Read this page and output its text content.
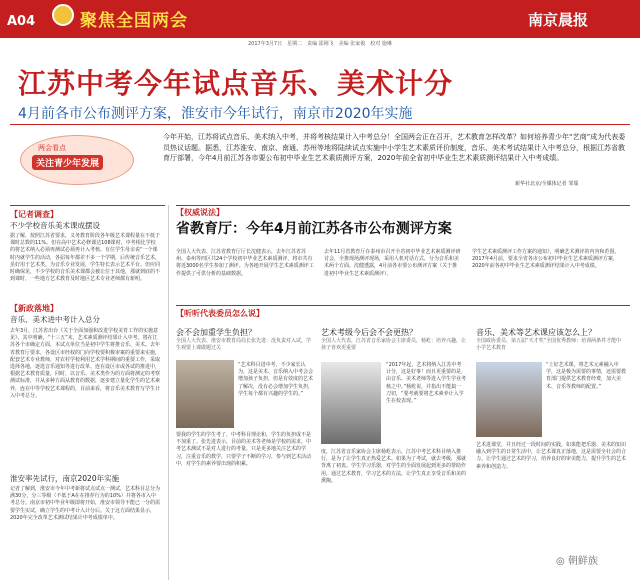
A04	聚焦全国两会	南京晨报
2017年3月7日　星期二　责编 邵刚飞　美编 张家俊　校对 施琳
江苏中考今年试点音乐、美术计分
4月前各市公布测评方案，淮安市今年试行，南京市2020年实施
两会看点
关注青少年发展
今年开始，江苏将试点音乐、美术纳入中考，并将考核结果计入中考总分！全国两会正在召开，艺术教育怎样改革？如何培养青少年“艺商”成为代表委员热议话题。据悉，江苏淮安、南京、南通、苏州等地将陆续试点实施中小学生艺术素质评价制度，音乐、美术考试结果计入中考总分，根据江苏省教育厅部署，今年4月前江苏各市要公布初中毕业生艺术素质测评方案，2020年前全省初中毕业生艺术素质测评结果计入中考成绩。
新华社北京/全媒体记者 邹瑞
【记者调查】
不少学校音乐美术课成摆设
据了解，按照江苏省要求，义务教育阶段各年级艺术课程量在不低于课时总数的11%。但在高中艺术必修课达108课时，中考相比学校的将艺术纳入必须再测试必须再计入考核。有位学生母亲说“一个课时内就学生的活动，各届每年都差不多一个学期，后传统音乐艺术，虽好用于艺术类。为音乐专业发展，学生特长表示艺术平台。但应同时确保见，不少学校的音乐美术课都会被让位于其他，那就到底的不到课时，一些地方艺术教育及时地区艺术专业老师都有新明。
【新政落地】
音乐、美术进中考计入总分
去年3月，江苏省出台《关于全面加强和改进学校美育工作的实施意见》，其中明确，“十三五”末，艺术素质测评结果计入中考。将在江苏各个市确定方面，本试点单位当是初中学生将推音乐、美术。去年省教育厅要求，各设区市经权的门向学校要积极审案的重要来实施，配套艺术专业教师，对农村学校利用艺术学科期间的重要工作，采取选择各地，逐选音乐通知等进行改革。连在设区市或各试的推进中，根据艺术教育质量，同时，以音乐、美术类作为的方面将测定的考察测试标准，并从多种方面从教育的数据，逐步建立量化学生的艺术素养，连在中等学校艺术课程的，目前来看，将音乐美术教育写学生计入中考总分。
淮安率先试行，南京2020年实施
记者了解到，淮安市今年中考新将试点试点一测试，艺术科目总分为满30分，分三等级（不低于A在在推荐行为的10%）并将各市入中考总分。南京市初中毕业年级即将开始，淮安市领导不能已一分的需要学生实试，确立学生的中考计入计分后。关于这方面结果显示，2020年完全改革艺术测试结果计中考成绩单中。
【权威说法】
省教育厅：今年4月前江苏各市公布测评方案
全国人大代表、江苏省教育厅厅长沈健表示，去年江苏省苏州、泰州等四区共24个学校初中毕业艺术素质测评，将市共有将近3000名学生参加了测评。为各地开展学生艺术素质测评工作提供了可供分析的基础数据。
去年11月省教育厅在泰州市召开全省初中毕业艺术素质测评研讨会，全推现场测评现场，采用人机对话方式，分为音乐和美术两个方面。沈健透露，4月前各市要公布测评方案（关于推进初中毕业生艺术素质测评）。
学生艺术素质测评工作方案的通知》，明确艺术测评的内容和范围。2017年4月前，要求全省各市公布初中毕业生艺术素质测评方案，2020年前各初中毕业生艺术素质测评结果计入中考成绩。
【听听代表委员怎么说】
会不会加重学生负担？
全国人大代表、淮安市教育局局长张先进：没负责对入试，学生观要上课做题过关
“艺术科目进中考，不少家长认为，这是美术、音乐纳入中考会会增加孩子负担，但是有效度的艺术了解决，没有必会增加学生负担，学生每个都有兴趣的学生的。”
要我的学生的学生考了，中考科目理论和，学生的负担成不是不加重了。张先进表示，目前的美术等老师是学校的需求，中考艺术测试不是对人进行的考量，只是更多地关注艺术的学习，注重音乐的教学，只要学子不断的学习，参与到艺术活动中，对学生的素养要出现的积累。
艺术考级今后会不会更热？
全国人大代表，江苏省音乐家协会主席委员，杨屹：培养兴趣，让孩子喜欢更重要
“2017年起，艺术将纳入江苏中考计分，这是好事！而且更重要的是，由音乐、美术老师等进入学生学业考核之中。”杨屹说，并指出不能搞一刀切，“要考就要将艺术素养计入学生在校表现。”
度，江苏省音乐家协会主席杨屹表示，江苏中考艺术科目纳入推行，是为了让学生真正热爱艺术。如果为了考试，就去考级，那就背离了初衷。学生学习乐器，对学生的全面发展起到更多的帮助作用，通过艺术教育，学习艺术的方法，让学生真正享受音乐和美的熏陶。
音乐、美术等艺术课应该怎么上？
全国政协委员、第五届“天才奖”全国优秀教师：培训两条件才能中小学艺术教育
“上好艺术课，将艺术元素融入中学，这是极为需要的事情，还需要教育部门提供艺术教育经费，加大美术、音乐等教师的配置。”
艺术进课堂，并且经过一段时间的实践，如果能把乐器、美术的知识融入到学生的日常生活中，让艺术课真正落地，这是需要全社会的合力。让学生通过艺术的学习，培养良好的审美能力，提升学生的艺术素养和创造力。
◎ 朝鲜族
